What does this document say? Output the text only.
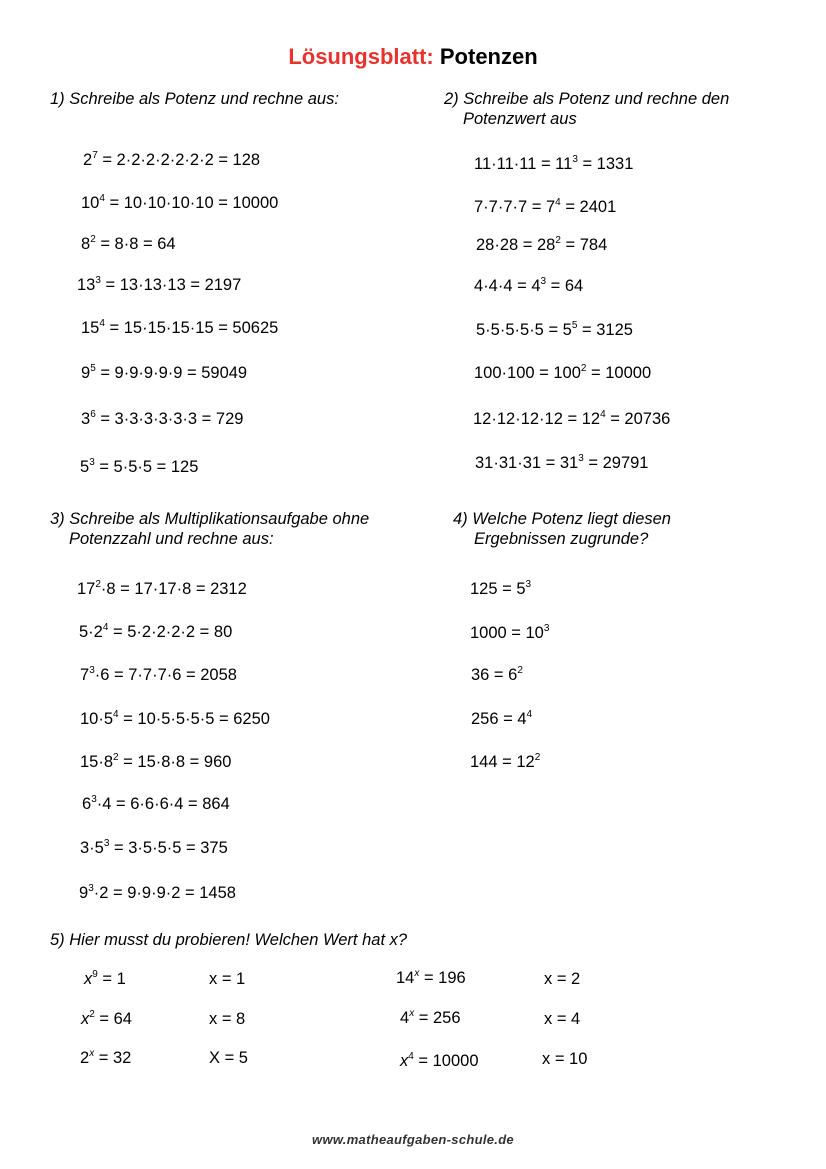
Lösungsblatt: Potenzen
1) Schreibe als Potenz und rechne aus:
$2^7 = 2\cdot 2\cdot 2\cdot 2\cdot 2\cdot 2\cdot 2 = 128$
$10^4 = 10\cdot 10\cdot 10\cdot 10 = 10000$
$8^2 = 8\cdot 8 = 64$
$13^3 = 13\cdot 13\cdot 13 = 2197$
$15^4 = 15\cdot 15\cdot 15\cdot 15 = 50625$
$9^5 = 9\cdot 9\cdot 9\cdot 9\cdot 9 = 59049$
$3^6 = 3\cdot 3\cdot 3\cdot 3\cdot 3\cdot 3 = 729$
$5^3 = 5\cdot 5\cdot 5 = 125$
2) Schreibe als Potenz und rechne den
Potenzwert aus
$11\cdot 11\cdot 11 = 11^3 = 1331$
$7\cdot 7\cdot 7\cdot 7 = 7^4 = 2401$
$28\cdot 28 = 28^2 = 784$
$4\cdot 4\cdot 4 = 4^3 = 64$
$5\cdot 5\cdot 5\cdot 5\cdot 5 = 5^5 = 3125$
$100\cdot 100 = 100^2 = 10000$
$12\cdot 12\cdot 12\cdot 12 = 12^4 = 20736$
$31\cdot 31\cdot 31 = 31^3 = 29791$
3) Schreibe als Multiplikationsaufgabe ohne
Potenzzahl und rechne aus:
$17^2\cdot 8 = 17\cdot 17\cdot 8 = 2312$
$5\cdot 2^4 = 5\cdot 2\cdot 2\cdot 2\cdot 2 = 80$
$7^3\cdot 6 = 7\cdot 7\cdot 7\cdot 6 = 2058$
$10\cdot 5^4 = 10\cdot 5\cdot 5\cdot 5\cdot 5 = 6250$
$15\cdot 8^2 = 15\cdot 8\cdot 8 = 960$
$6^3\cdot 4 = 6\cdot 6\cdot 6\cdot 4 = 864$
$3\cdot 5^3 = 3\cdot 5\cdot 5\cdot 5 = 375$
$9^3\cdot 2 = 9\cdot 9\cdot 9\cdot 2 = 1458$
4) Welche Potenz liegt diesen
Ergebnissen zugrunde?
$125 = 5^3$
$1000 = 10^3$
$36 = 6^2$
$256 = 4^4$
$144 = 12^2$
5) Hier musst du probieren! Welchen Wert hat x?
$x^9 = 1$	x = 1
$x^2 = 64$	x = 8
$2^x = 32$	X = 5
$14^x = 196$	x = 2
$4^x = 256$	x = 4
$x^4 = 10000$	x = 10
www.matheaufgaben-schule.de
